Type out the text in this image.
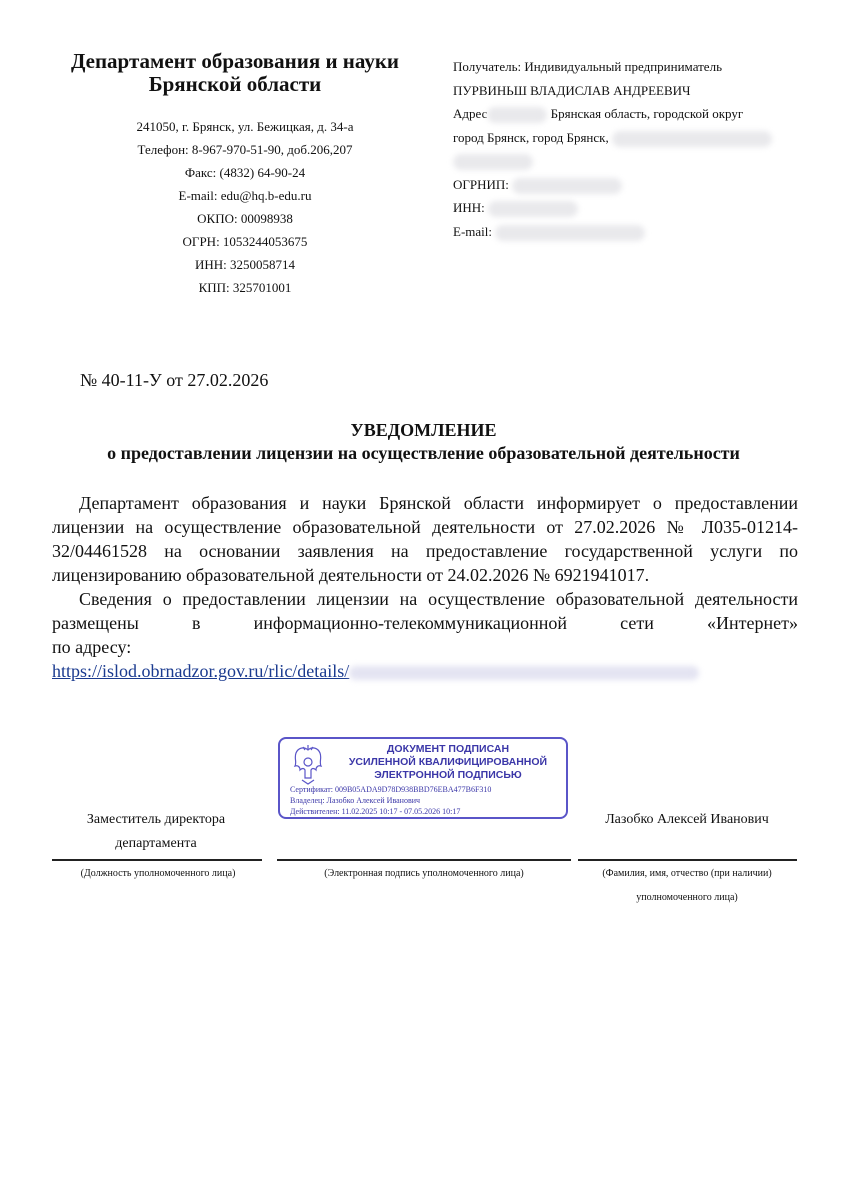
Департамент образования и науки
Брянской области
241050, г. Брянск, ул. Бежицкая, д. 34-а
Телефон: 8-967-970-51-90, доб.206,207
Факс: (4832) 64-90-24
E-mail: edu@hq.b-edu.ru
ОКПО: 00098938
ОГРН: 1053244053675
ИНН: 3250058714
КПП: 325701001
Получатель: Индивидуальный предприниматель
ПУРВИНЬШ ВЛАДИСЛАВ АНДРЕЕВИЧ
Адрес	Брянская область, городской округ
город Брянск, город Брянск,
ОГРНИП:
ИНН:
E-mail:
№ 40-11-У от 27.02.2026
УВЕДОМЛЕНИЕ
о предоставлении лицензии на осуществление образовательной деятельности

Департамент образования и науки Брянской области информирует о предоставлении лицензии на осуществление образовательной деятельности от 27.02.2026 № Л035-01214-32/04461528 на основании заявления на предоставление государственной услуги по лицензированию образовательной деятельности от 24.02.2026 № 6921941017.

Сведения о предоставлении лицензии на осуществление образовательной деятельности размещены в информационно-телекоммуникационной сети «Интернет»

по адресу:

https://islod.obrnadzor.gov.ru/rlic/details/
ДОКУМЕНТ ПОДПИСАН
УСИЛЕННОЙ КВАЛИФИЦИРОВАННОЙ
ЭЛЕКТРОННОЙ ПОДПИСЬЮ
Сертификат: 009B05ADA9D78D938BBD76EBA477B6F310
Владелец: Лазобко Алексей Иванович
Действителен: 11.02.2025 10:17 - 07.05.2026 10:17
Заместитель директора
департамента
Лазобко Алексей Иванович
(Должность уполномоченного лица)	(Электронная подпись уполномоченного лица)	(Фамилия, имя, отчество (при наличии)
уполномоченного лица)
